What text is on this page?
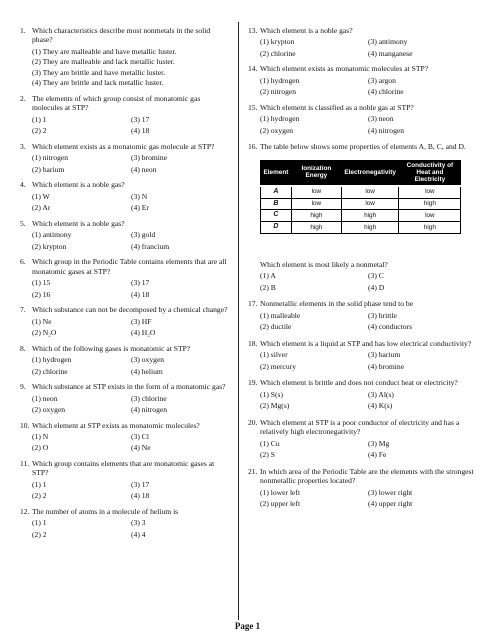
1. Which characteristics describe most nonmetals in the solid phase?
(1) They are malleable and have metallic luster.
(2) They are malleable and lack metallic luster.
(3) They are brittle and have metallic luster.
(4) They are brittle and lack metallic luster.
2. The elements of which group consist of monatomic gas molecules at STP?
(1) 1	(3) 17
(2) 2	(4) 18
3. Which element exists as a monatomic gas molecule at STP?
(1) nitrogen	(3) bromine
(2) barium	(4) neon
4. Which element is a noble gas?
(1) W	(3) N
(2) Ar	(4) Er
5. Which element is a noble gas?
(1) antimony	(3) gold
(2) krypton	(4) francium
6. Which group in the Periodic Table contains elements that are all monatomic gases at STP?
(1) 15	(3) 17
(2) 16	(4) 18
7. Which substance can not be decomposed by a chemical change?
(1) Ne	(3) HF
(2) N₂O	(4) H₂O
8. Which of the following gases is monatomic at STP?
(1) hydrogen	(3) oxygen
(2) chlorine	(4) helium
9. Which substance at STP exists in the form of a monatomic gas?
(1) neon	(3) chlorine
(2) oxygen	(4) nitrogen
10. Which element at STP exists as monatomic molecules?
(1) N	(3) Cl
(2) O	(4) Ne
11. Which group contains elements that are monatomic gases at STP?
(1) 1	(3) 17
(2) 2	(4) 18
12. The number of atoms in a molecule of helium is
(1) 1	(3) 3
(2) 2	(4) 4
13. Which element is a noble gas?
(1) krypton	(3) antimony
(2) chlorine	(4) manganese
14. Which element exists as monatomic molecules at STP?
(1) hydrogen	(3) argon
(2) nitrogen	(4) chlorine
15. Which element is classified as a noble gas at STP?
(1) hydrogen	(3) neon
(2) oxygen	(4) nitrogen
16. The table below shows some properties of elements A, B, C, and D.
Element	Ionization Energy	Electronegativity	Conductivity of Heat and Electricity
A	low	low	low
B	low	low	high
C	high	high	low
D	high	high	high
Which element is most likely a nonmetal?
(1) A	(3) C
(2) B	(4) D
17. Nonmetallic elements in the solid phase tend to be
(1) malleable	(3) brittle
(2) ductile	(4) conductors
18. Which element is a liquid at STP and has low electrical conductivity?
(1) silver	(3) barium
(2) mercury	(4) bromine
19. Which element is brittle and does not conduct heat or electricity?
(1) S(s)	(3) Al(s)
(2) Mg(s)	(4) K(s)
20. Which element at STP is a poor conductor of electricity and has a relatively high electronegativity?
(1) Cu	(3) Mg
(2) S	(4) Fe
21. In which area of the Periodic Table are the elements with the strongest nonmetallic properties located?
(1) lower left	(3) lower right
(2) upper left	(4) upper right
Page 1
